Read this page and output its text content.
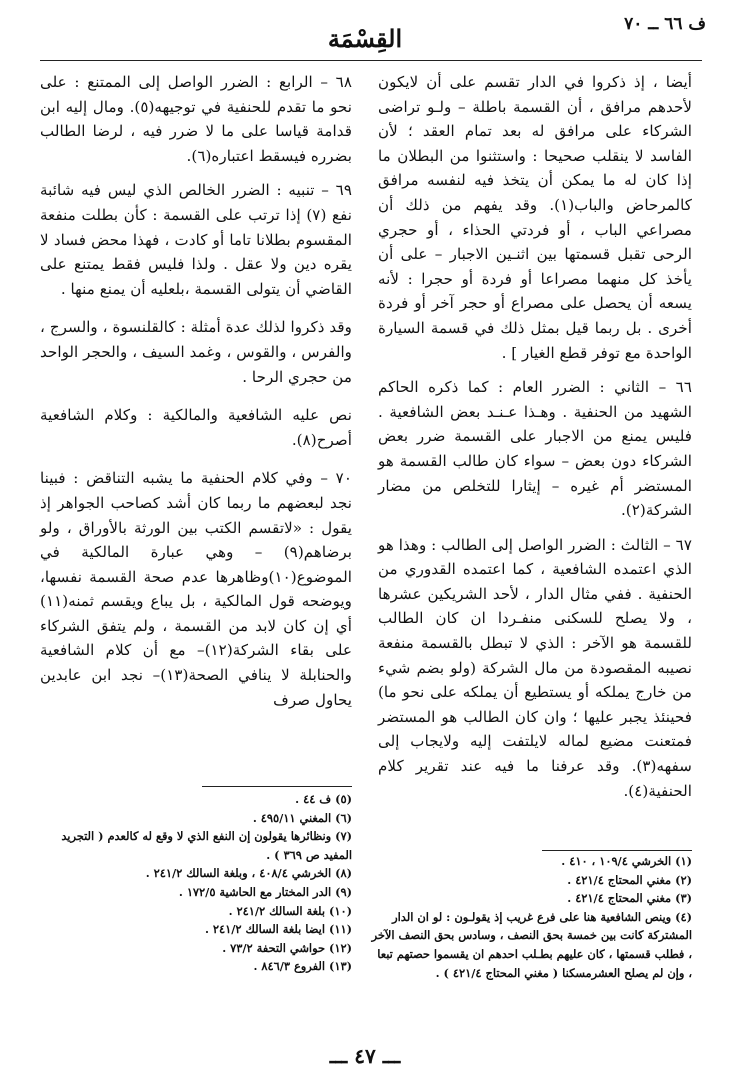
ف ٦٦ ــ ٧٠
القِسْمَة

أيضا ، إذ ذكروا في الدار تقسم على أن لايكون لأحدهم مرافق ، أن القسمة باطلة – ولـو تراضى الشركاء على مرافق له بعد تمام العقد ؛ لأن الفاسد لا ينقلب صحيحا : واستثنوا من البطلان ما إذا كان له ما يمكن أن يتخذ فيه لنفسه مرافق كالمرحاض والباب(١). وقد يفهم من ذلك أن مصراعي الباب ، أو فردتي الحذاء ، أو حجري الرحى تقبل قسمتها بين اثنـين الاجبار – على أن يأخذ كل منهما مصراعا أو فردة أو حجرا : لأنه يسعه أن يحصل على مصراع أو حجر آخر أو فردة أخرى . بل ربما قيل بمثل ذلك في قسمة السيارة الواحدة مع توفر قطع الغيار ] .

٦٦ – الثاني : الضرر العام : كما ذكره الحاكم الشهيد من الحنفية . وهـذا عـنـد بعض الشافعية . فليس يمنع من الاجبار على القسمة ضرر بعض الشركاء دون بعض – سواء كان طالب القسمة هو المستضر أم غيره – إيثارا للتخلص من مضار الشركة(٢).

٦٧ – الثالث : الضرر الواصل إلى الطالب : وهذا هو الذي اعتمده الشافعية ، كما اعتمده القدوري من الحنفية . ففي مثال الدار ، لأحد الشريكين عشرها ، ولا يصلح للسكنى منفـردا ان كان الطالب للقسمة هو الآخر : الذي لا تبطل بالقسمة منفعة نصيبه المقصودة من مال الشركة (ولو بضم شيء من خارج يملكه أو يستطيع أن يملكه على نحو ما) فحينئذ يجبر عليها ؛ وان كان الطالب هو المستضر فمتعنت مضيع لماله لايلتفت إليه ولايجاب إلى سفهه(٣). وقد عرفنا ما فيه عند تقرير كلام الحنفية(٤).

٦٨ – الرابع : الضرر الواصل إلى الممتنع : على نحو ما تقدم للحنفية في توجيهه(٥). ومال إليه ابن قدامة قياسا على ما لا ضرر فيه ، لرضا الطالب بضرره فيسقط اعتباره(٦).

٦٩ – تنبيه : الضرر الخالص الذي ليس فيه شائبة نفع (٧) إذا ترتب على القسمة : كأن بطلت منفعة المقسوم بطلانا تاما أو كادت ، فهذا محض فساد لا يقره دين ولا عقل . ولذا فليس فقط يمتنع على القاضي أن يتولى القسمة ،بلعليه أن يمنع منها .

وقد ذكروا لذلك عدة أمثلة : كالقلنسوة ، والسرج ، والفرس ، والقوس ، وغمد السيف ، والحجر الواحد من حجري الرحا .

نص عليه الشافعية والمالكية : وكلام الشافعية أصرح(٨).

٧٠ – وفي كلام الحنفية ما يشبه التناقض : فبينا نجد لبعضهم ما ربما كان أشد كصاحب الجواهر إذ يقول : «لاتقسم الكتب بين الورثة بالأوراق ، ولو برضاهم(٩) – وهي عبارة المالكية في الموضوع(١٠)وظاهرها عدم صحة القسمة نفسها، ويوضحه قول المالكية ، بل يباع ويقسم ثمنه(١١) أي إن كان لابد من القسمة ، ولم يتفق الشركاء على بقاء الشركة(١٢)– مع أن كلام الشافعية والحنابلة لا ينافي الصحة(١٣)– نجد ابن عابدين يحاول صرف

(١) الخرشي ١٠٩/٤ ، ٤١٠ .
(٢) مغني المحتاج ٤٢١/٤ .
(٣) مغني المحتاج ٤٢١/٤ .
(٤) وينص الشافعية هنا على فرع غريب إذ يقولـون : لو ان الدار المشتركة كانت بين خمسة بحق النصف ، وسادس بحق النصف الآخر ، فطلب قسمتها ، كان عليهم بطـلب احدهم ان يقسموا حصتهم تبعا ، وإن لم يصلح العشرمسكنا ( مغني المحتاج ٤٢١/٤ ) .
(٥) ف ٤٤ .
(٦) المغني ٤٩٥/١١ .
(٧) ونظائرها يقولون إن النفع الذي لا وقع له كالعدم ( التجريد المفيد ص ٣٦٩ ) .
(٨) الخرشي ٤٠٨/٤ ، وبلغة السالك ٢٤١/٢ .
(٩) الدر المختار مع الحاشية ١٧٢/٥ .
(١٠) بلغة السالك ٢٤١/٢ .
(١١) ايضا بلغة السالك ٢٤١/٢ .
(١٢) حواشي التحفة ٧٣/٢ .
(١٣) الفروع ٨٤٦/٣ .
ـــ ٤٧ ـــ
